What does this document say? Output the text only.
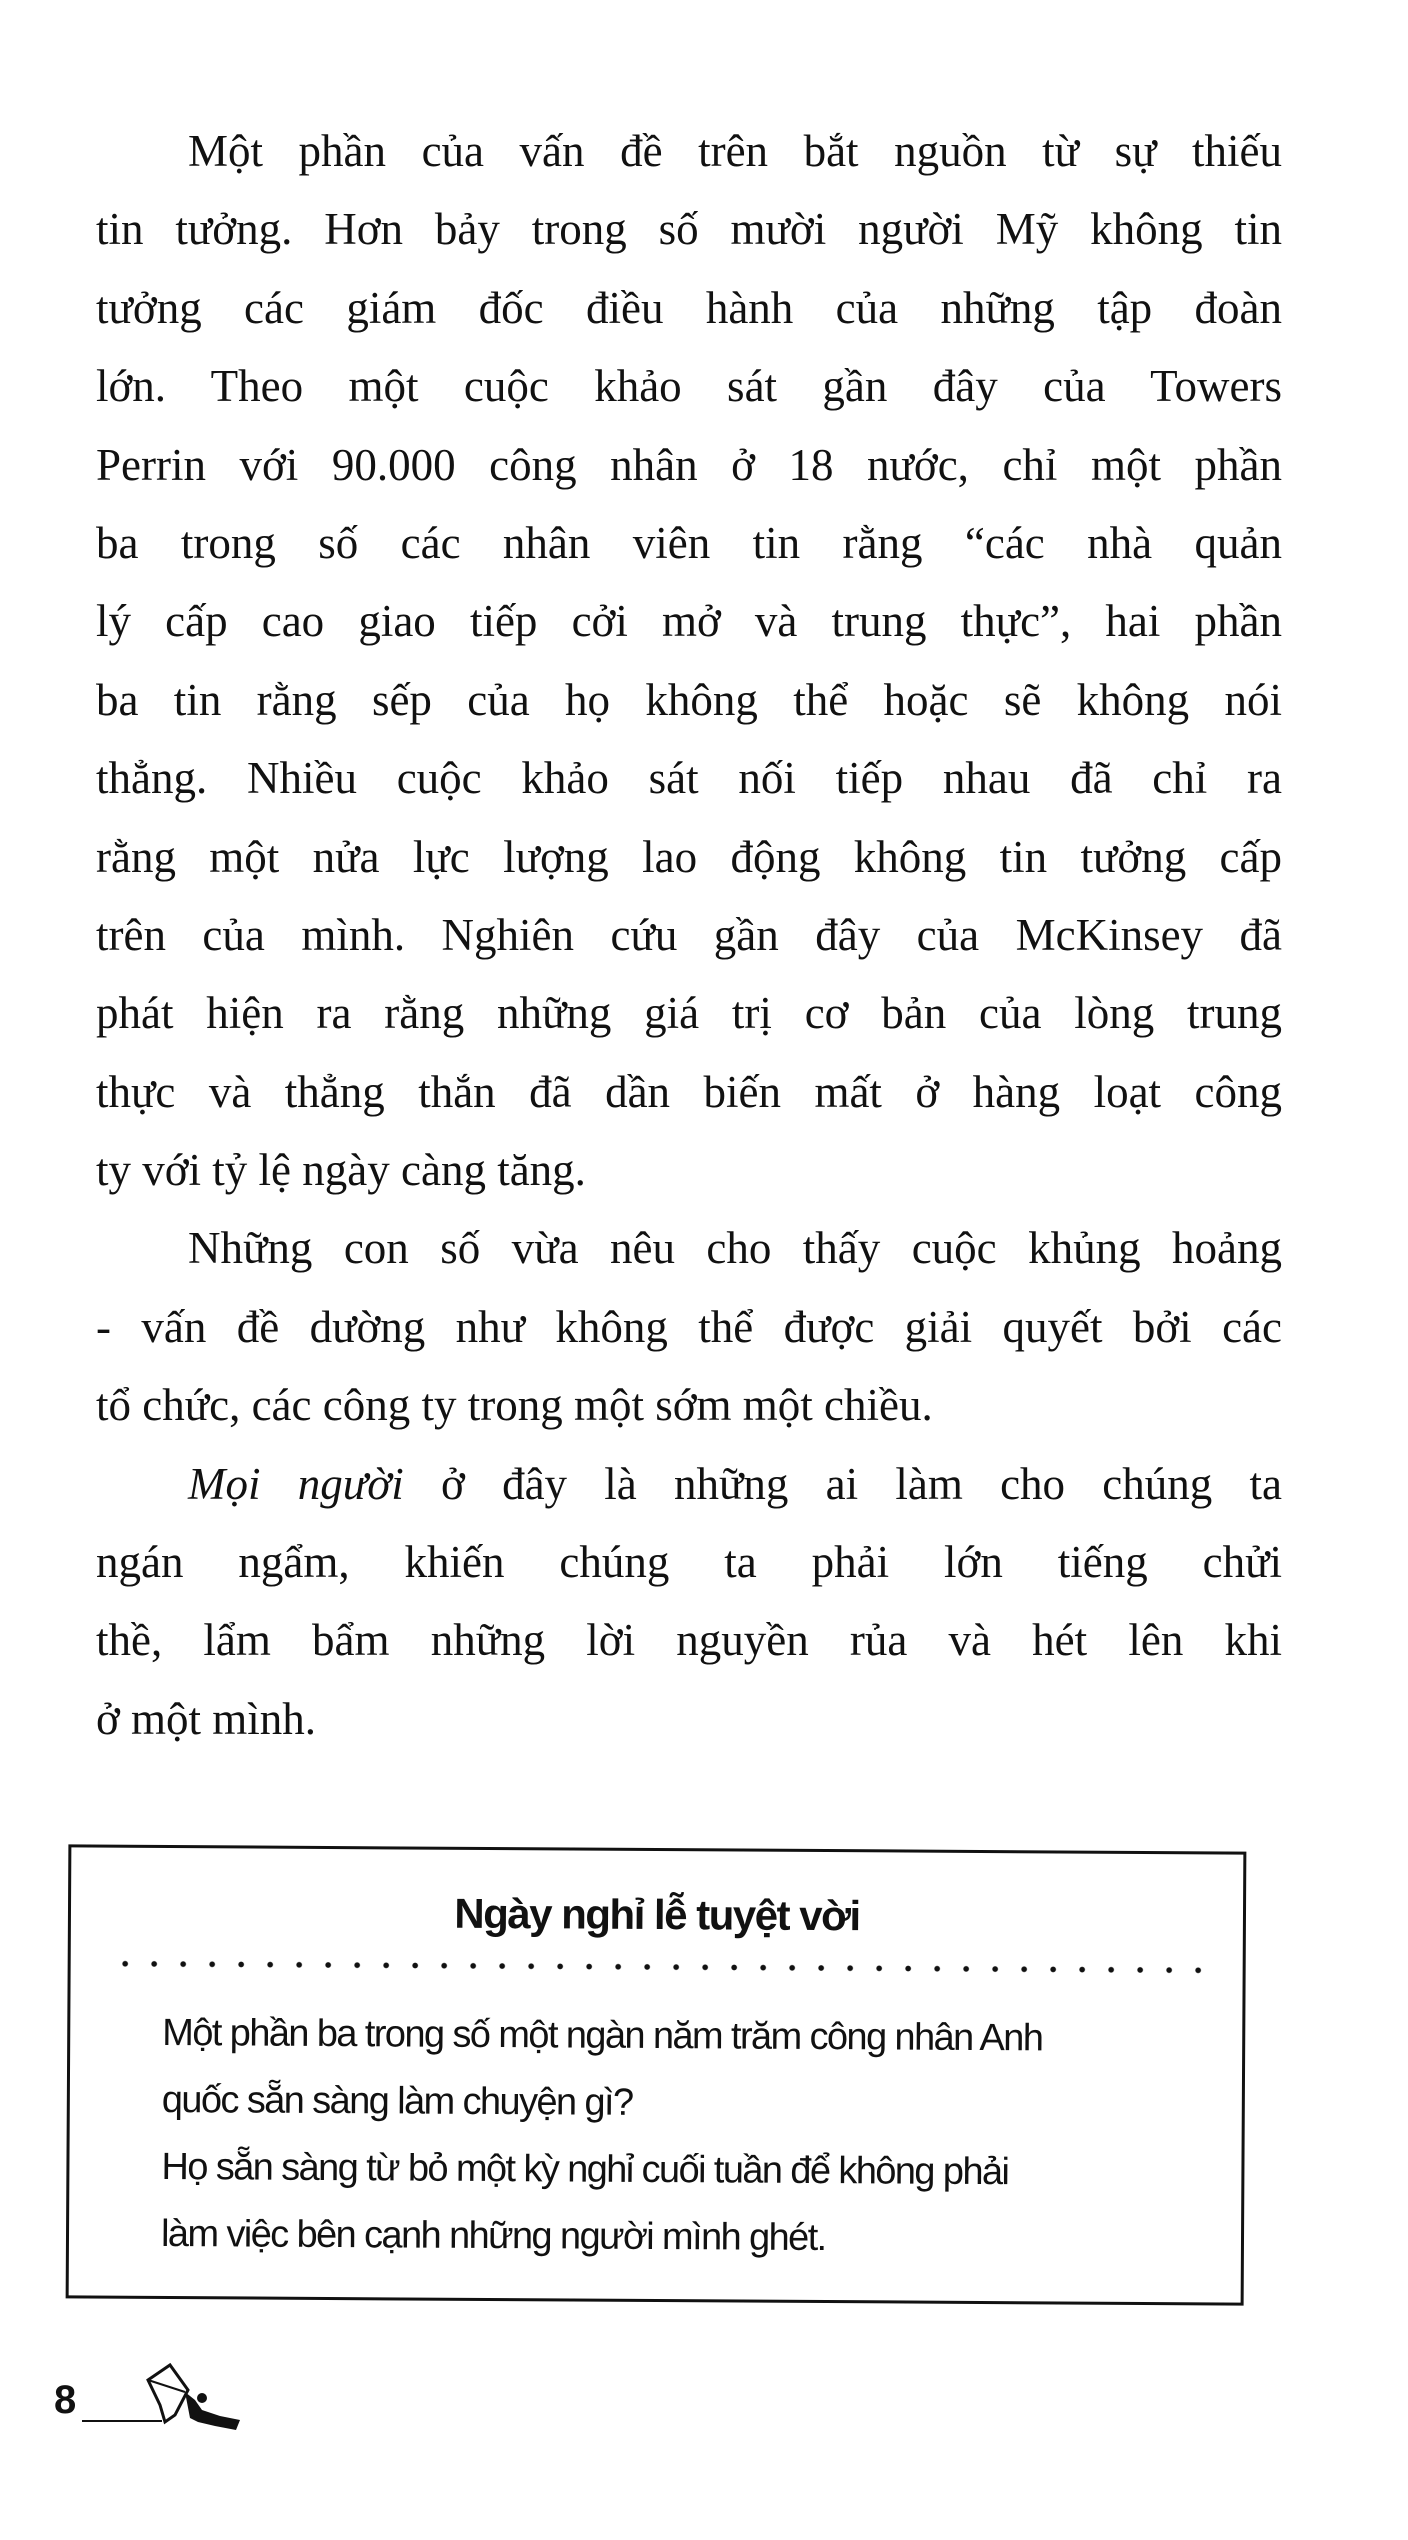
Một phần của vấn đề trên bắt nguồn từ sự thiếu
tin tưởng. Hơn bảy trong số mười người Mỹ không tin
tưởng các giám đốc điều hành của những tập đoàn
lớn. Theo một cuộc khảo sát gần đây của Towers
Perrin với 90.000 công nhân ở 18 nước, chỉ một phần
ba trong số các nhân viên tin rằng “các nhà quản
lý cấp cao giao tiếp cởi mở và trung thực”, hai phần
ba tin rằng sếp của họ không thể hoặc sẽ không nói
thẳng. Nhiều cuộc khảo sát nối tiếp nhau đã chỉ ra
rằng một nửa lực lượng lao động không tin tưởng cấp
trên của mình. Nghiên cứu gần đây của McKinsey đã
phát hiện ra rằng những giá trị cơ bản của lòng trung
thực và thẳng thắn đã dần biến mất ở hàng loạt công
ty với tỷ lệ ngày càng tăng.
Những con số vừa nêu cho thấy cuộc khủng hoảng
- vấn đề dường như không thể được giải quyết bởi các
tổ chức, các công ty trong một sớm một chiều.
Mọi người ở đây là những ai làm cho chúng ta
ngán ngẩm, khiến chúng ta phải lớn tiếng chửi
thề, lẩm bẩm những lời nguyền rủa và hét lên khi
ở một mình.
Ngày nghỉ lễ tuyệt vời
Một phần ba trong số một ngàn năm trăm công nhân Anh
quốc sẵn sàng làm chuyện gì?
Họ sẵn sàng từ bỏ một kỳ nghỉ cuối tuần để không phải
làm việc bên cạnh những người mình ghét.
8
